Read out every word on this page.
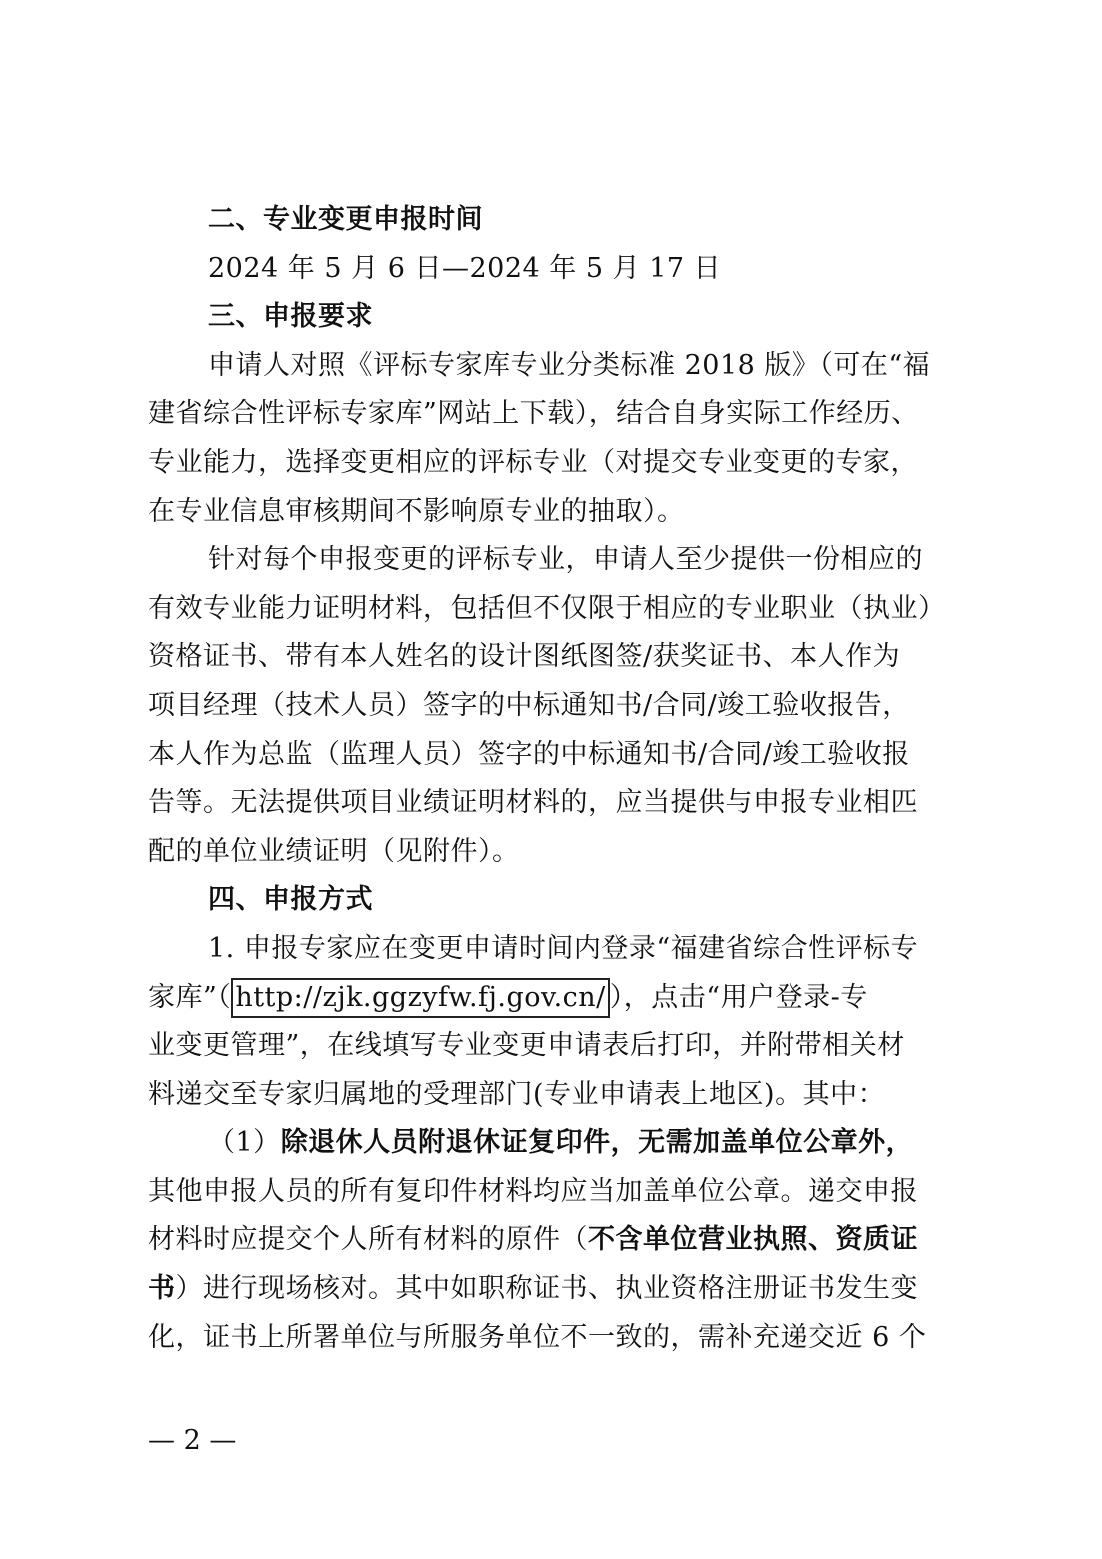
二、专业变更申报时间
2024 年 5 月 6 日—2024 年 5 月 17 日
三、申报要求
申请人对照《评标专家库专业分类标准 2018 版》（可在“福
建省综合性评标专家库”网站上下载），结合自身实际工作经历、
专业能力，选择变更相应的评标专业（对提交专业变更的专家，
在专业信息审核期间不影响原专业的抽取）。
针对每个申报变更的评标专业，申请人至少提供一份相应的
有效专业能力证明材料，包括但不仅限于相应的专业职业（执业）
资格证书、带有本人姓名的设计图纸图签/获奖证书、本人作为
项目经理（技术人员）签字的中标通知书/合同/竣工验收报告，
本人作为总监（监理人员）签字的中标通知书/合同/竣工验收报
告等。无法提供项目业绩证明材料的，应当提供与申报专业相匹
配的单位业绩证明（见附件）。
四、申报方式
1. 申报专家应在变更申请时间内登录“福建省综合性评标专
家库”（ http://zjk.ggzyfw.fj.gov.cn/ ），点击“用户登录-专
业变更管理”，在线填写专业变更申请表后打印，并附带相关材
料递交至专家归属地的受理部门(专业申请表上地区)。其中：
（1）除退休人员附退休证复印件，无需加盖单位公章外，
其他申报人员的所有复印件材料均应当加盖单位公章。递交申报
材料时应提交个人所有材料的原件（不含单位营业执照、资质证
书）进行现场核对。其中如职称证书、执业资格注册证书发生变
化，证书上所署单位与所服务单位不一致的，需补充递交近 6 个
— 2 —
